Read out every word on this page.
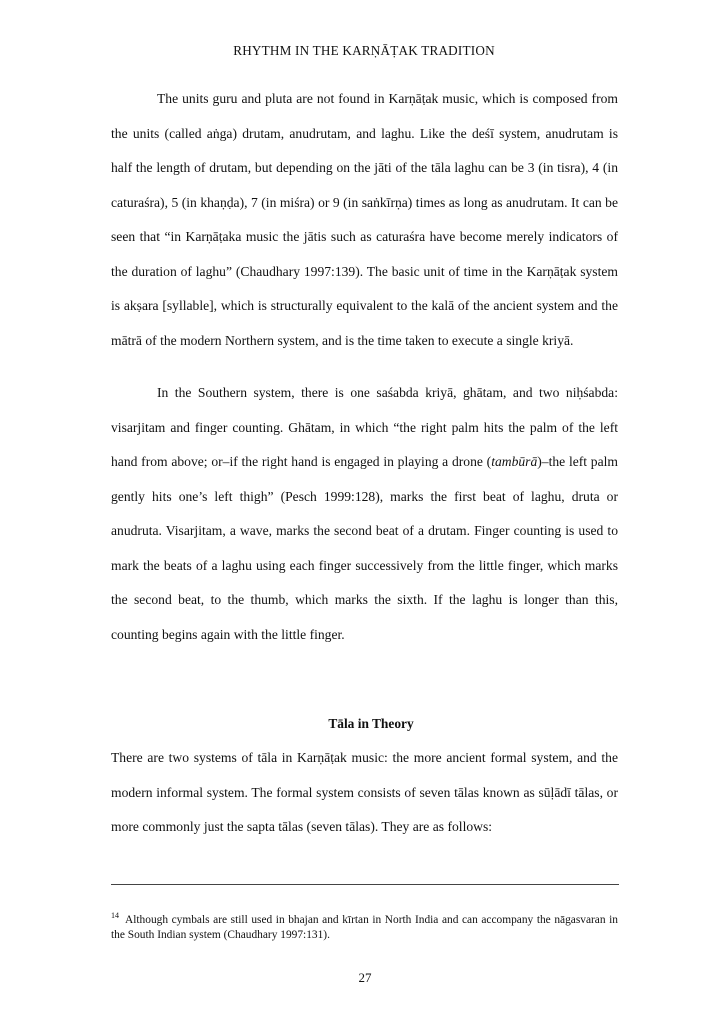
RHYTHM IN THE KARṆĀṬAK TRADITION

The units guru and pluta are not found in Karṇāṭak music, which is composed from the units (called aṅga) drutam, anudrutam, and laghu. Like the deśī system, anudrutam is half the length of drutam, but depending on the jāti of the tāla laghu can be 3 (in tisra), 4 (in caturaśra), 5 (in khaṇḍa), 7 (in miśra) or 9 (in saṅkīrṇa) times as long as anudrutam. It can be seen that “in Karṇāṭaka music the jātis such as caturaśra have become merely indicators of the duration of laghu” (Chaudhary 1997:139). The basic unit of time in the Karṇāṭak system is akṣara [syllable], which is structurally equivalent to the kalā of the ancient system and the mātrā of the modern Northern system, and is the time taken to execute a single kriyā.

In the Southern system, there is one saśabda kriyā, ghātam, and two niḥśabda: visarjitam and finger counting. Ghātam, in which “the right palm hits the palm of the left hand from above; or–if the right hand is engaged in playing a drone (tambūrā)–the left palm gently hits one’s left thigh” (Pesch 1999:128), marks the first beat of laghu, druta or anudruta. Visarjitam, a wave, marks the second beat of a drutam. Finger counting is used to mark the beats of a laghu using each finger successively from the little finger, which marks the second beat, to the thumb, which marks the sixth. If the laghu is longer than this, counting begins again with the little finger.

Tāla in Theory

There are two systems of tāla in Karṇāṭak music: the more ancient formal system, and the modern informal system. The formal system consists of seven tālas known as sūḷādī tālas, or more commonly just the sapta tālas (seven tālas). They are as follows:

$^{14}$ Although cymbals are still used in bhajan and kīrtan in North India and can accompany the nāgasvaran in the South Indian system (Chaudhary 1997:131).

27
